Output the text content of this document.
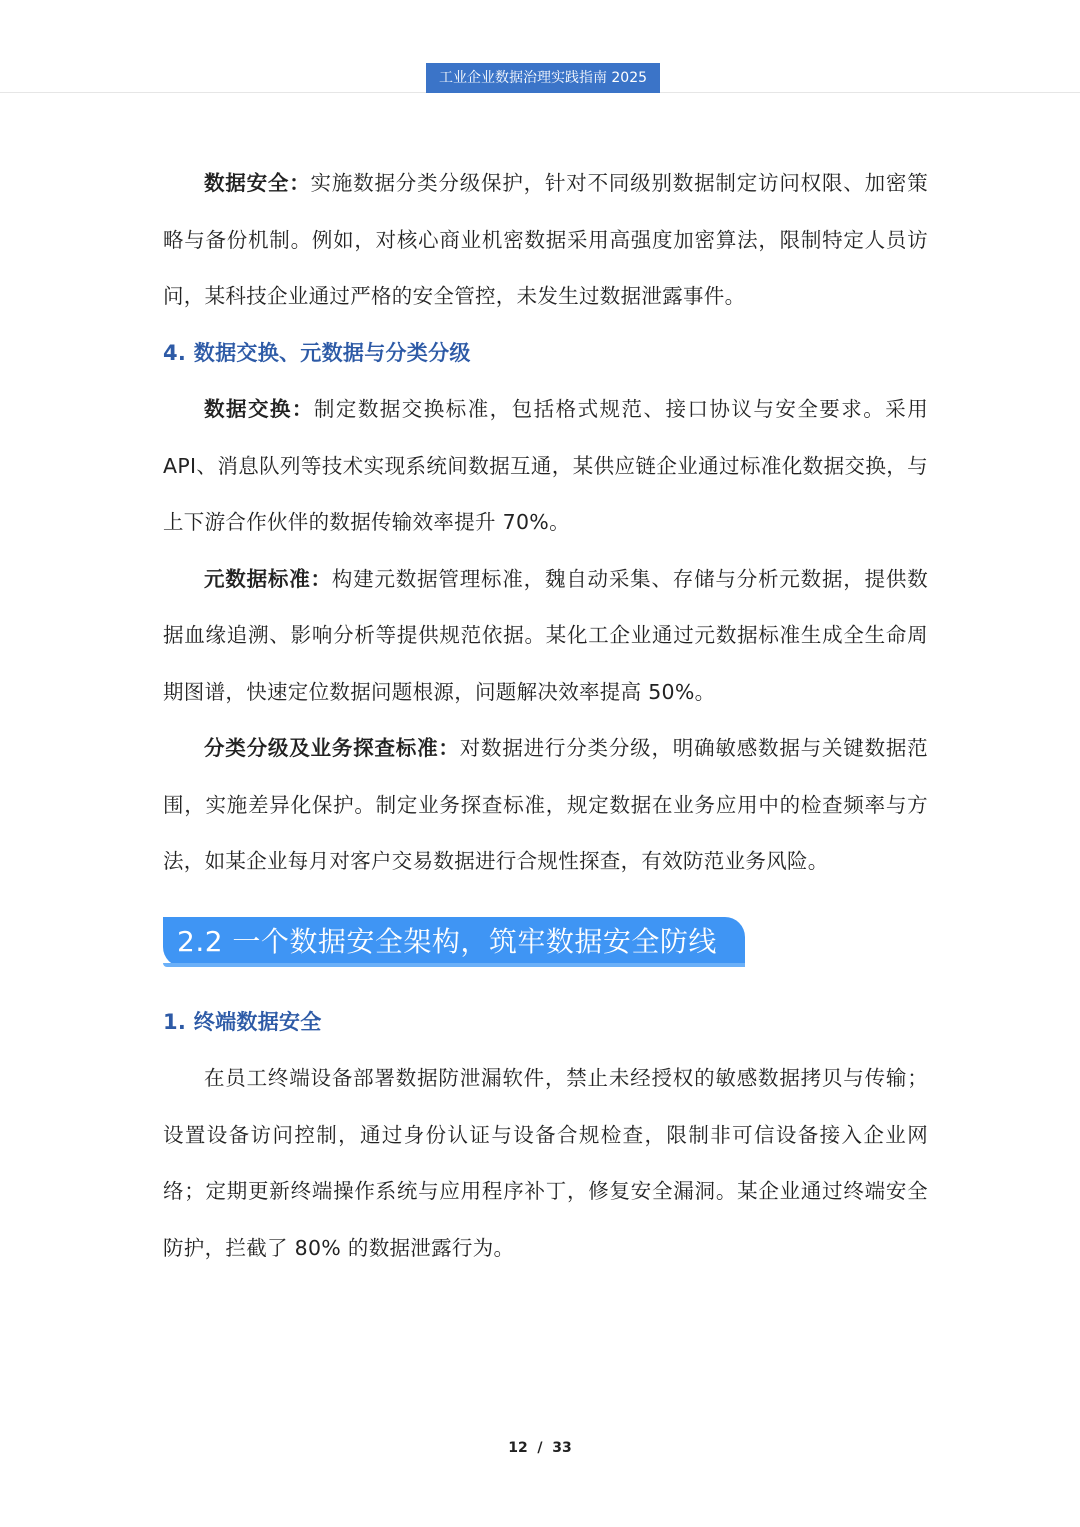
工业企业数据治理实践指南 2025

数据安全：实施数据分类分级保护，针对不同级别数据制定访问权限、加密策略与备份机制。例如，对核心商业机密数据采用高强度加密算法，限制特定人员访问，某科技企业通过严格的安全管控，未发生过数据泄露事件。

4. 数据交换、元数据与分类分级

数据交换：制定数据交换标准，包括格式规范、接口协议与安全要求。采用API、消息队列等技术实现系统间数据互通，某供应链企业通过标准化数据交换，与上下游合作伙伴的数据传输效率提升 70%。

元数据标准：构建元数据管理标准，魏自动采集、存储与分析元数据，提供数据血缘追溯、影响分析等提供规范依据。某化工企业通过元数据标准生成全生命周期图谱，快速定位数据问题根源，问题解决效率提高 50%。

分类分级及业务探查标准：对数据进行分类分级，明确敏感数据与关键数据范围，实施差异化保护。制定业务探查标准，规定数据在业务应用中的检查频率与方法，如某企业每月对客户交易数据进行合规性探查，有效防范业务风险。

2.2 一个数据安全架构，筑牢数据安全防线
1. 终端数据安全

在员工终端设备部署数据防泄漏软件，禁止未经授权的敏感数据拷贝与传输；设置设备访问控制，通过身份认证与设备合规检查，限制非可信设备接入企业网络；定期更新终端操作系统与应用程序补丁，修复安全漏洞。某企业通过终端安全防护，拦截了 80% 的数据泄露行为。

12  /  33
